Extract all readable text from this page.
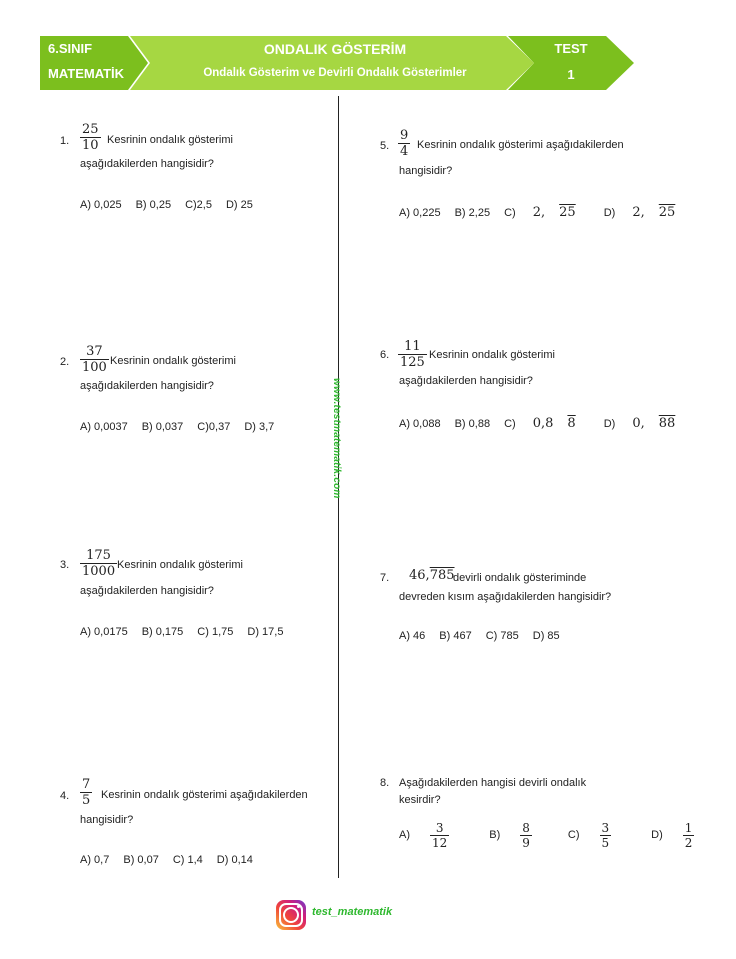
6.SINIF
MATEMATİK
ONDALIK GÖSTERİM
Ondalık Gösterim ve Devirli Ondalık Gösterimler
TEST
1
www.testmatematik.com
1. $\frac{25}{10}$ Kesrinin ondalık gösterimi
aşağıdakilerden hangisidir?
A) 0,025 B) 0,25 C)2,5 D) 25
2. $\frac{37}{100}$ Kesrinin ondalık gösterimi
aşağıdakilerden hangisidir?
A) 0,0037 B) 0,037 C)0,37 D) 3,7
3. $\frac{175}{1000}$ Kesrinin ondalık gösterimi
aşağıdakilerden hangisidir?
A) 0,0175 B) 0,175 C) 1,75 D) 17,5
4. $\frac{7}{5}$ Kesrinin ondalık gösterimi aşağıdakilerden
hangisidir?
A) 0,7 B) 0,07 C) 1,4 D) 0,14
5. $\frac{9}{4}$ Kesrinin ondalık gösterimi aşağıdakilerden
hangisidir?
A) 0,225 B) 2,25 C) 2, 25	D) 2, 25
6. $\frac{11}{125}$ Kesrinin ondalık gösterimi
aşağıdakilerden hangisidir?
A) 0,088 B) 0,88 C) 0,8 8	D) 0, 88
7. 46,785
devirli ondalık gösteriminde
devreden kısım aşağıdakilerden hangisidir?
A) 46 B) 467 C) 785 D) 85
8. Aşağıdakilerden hangisi devirli ondalık
kesirdir?
$A) \frac{3}{12} B) \frac{8}{9} C) \frac{3}{5} D) \frac{1}{2}$
test_matematik
